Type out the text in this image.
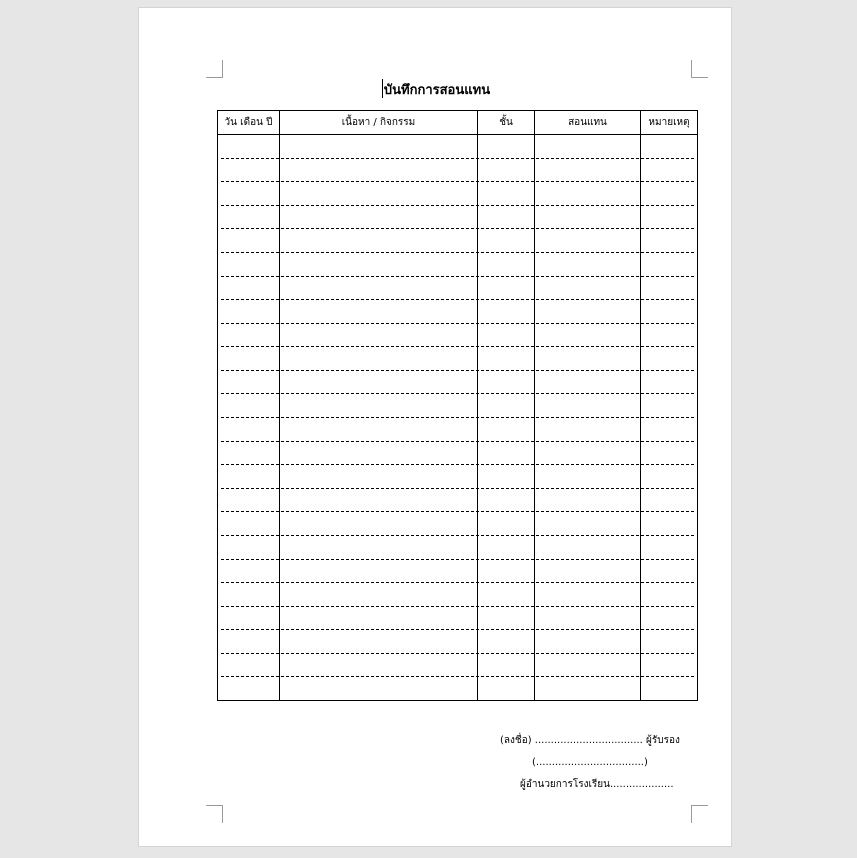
บันทึกการสอนแทน
วัน เดือน ปี	เนื้อหา / กิจกรรม	ชั้น	สอนแทน	หมายเหตุ
(ลงชื่อ) .................................. ผู้รับรอง
(..................................)
ผู้อำนวยการโรงเรียน....................
